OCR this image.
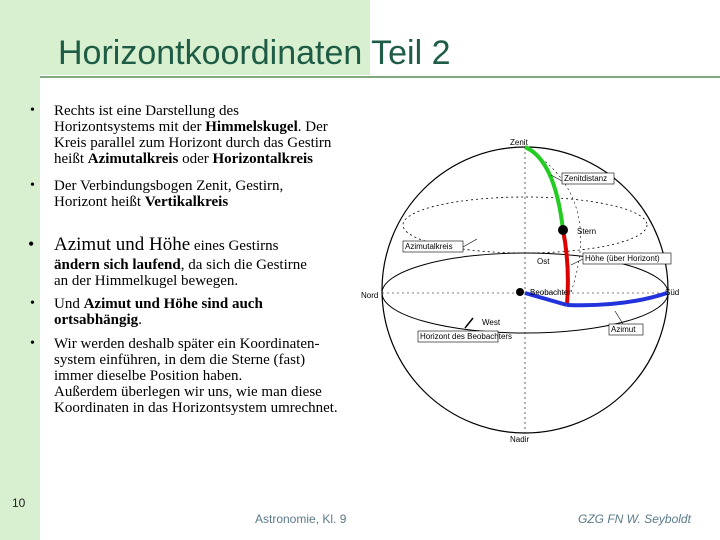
Horizontkoordinaten Teil 2
• Rechts ist eine Darstellung des
Horizontsystems mit der Himmelskugel. Der
Kreis parallel zum Horizont durch das Gestirn
heißt Azimutalkreis oder Horizontalkreis
• Der Verbindungsbogen Zenit, Gestirn,
Horizont heißt Vertikalkreis
• Azimut und Höhe eines Gestirns
ändern sich laufend, da sich die Gestirne
an der Himmelkugel bewegen.
• Und Azimut und Höhe sind auch
ortsabhängig.
• Wir werden deshalb später ein Koordinaten-
system einführen, in dem die Sterne (fast)
immer dieselbe Position haben.
Außerdem überlegen wir uns, wie man diese
Koordinaten in das Horizontsystem umrechnet.
Zenit
Zenitdistanz
Stern
Azimutalkreis
Ost	Höhe (über Horizont)
Nord	Beobachter	Süd
West
Horizont des Beobachters
Azimut
Nadir
10
Astronomie, Kl. 9	GZG FN W. Seyboldt
